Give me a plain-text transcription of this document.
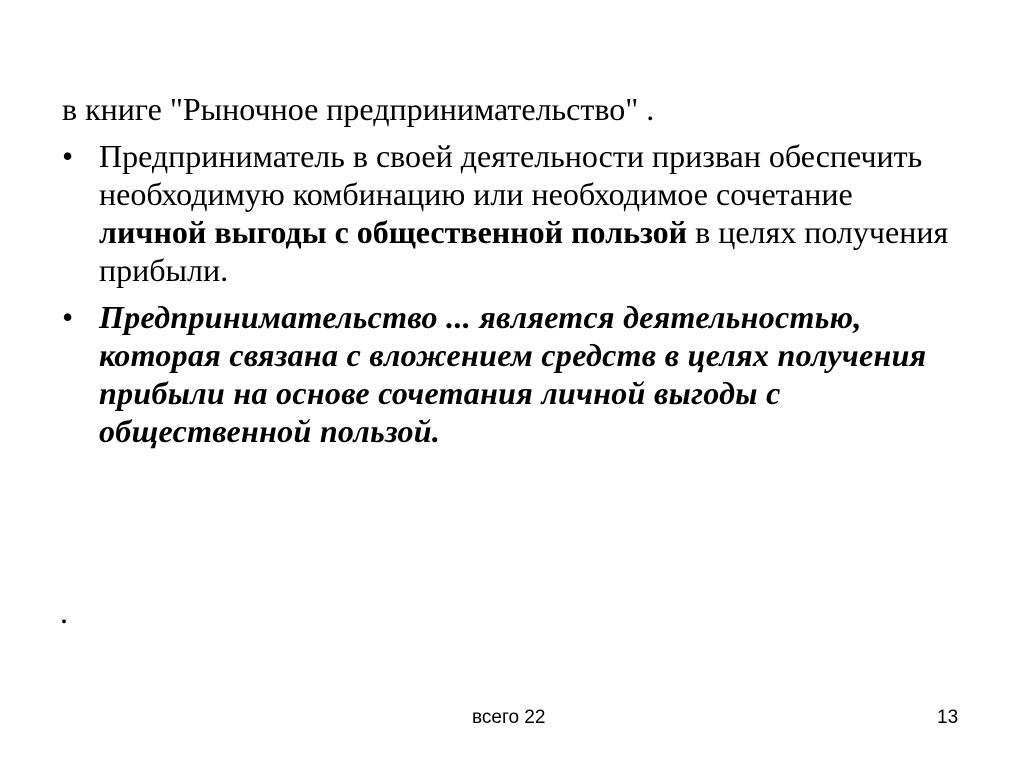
в книге "Рыночное предпринимательство" .

• Предприниматель в своей деятельности призван обеспечить необходимую комбинацию или необходимое сочетание личной выгоды с общественной пользой в целях получения прибыли.
• Предпринимательство ... является деятельностью, которая связана с вложением средств в целях получения прибыли на основе сочетания личной выгоды с общественной пользой.
.
всего 22	13
